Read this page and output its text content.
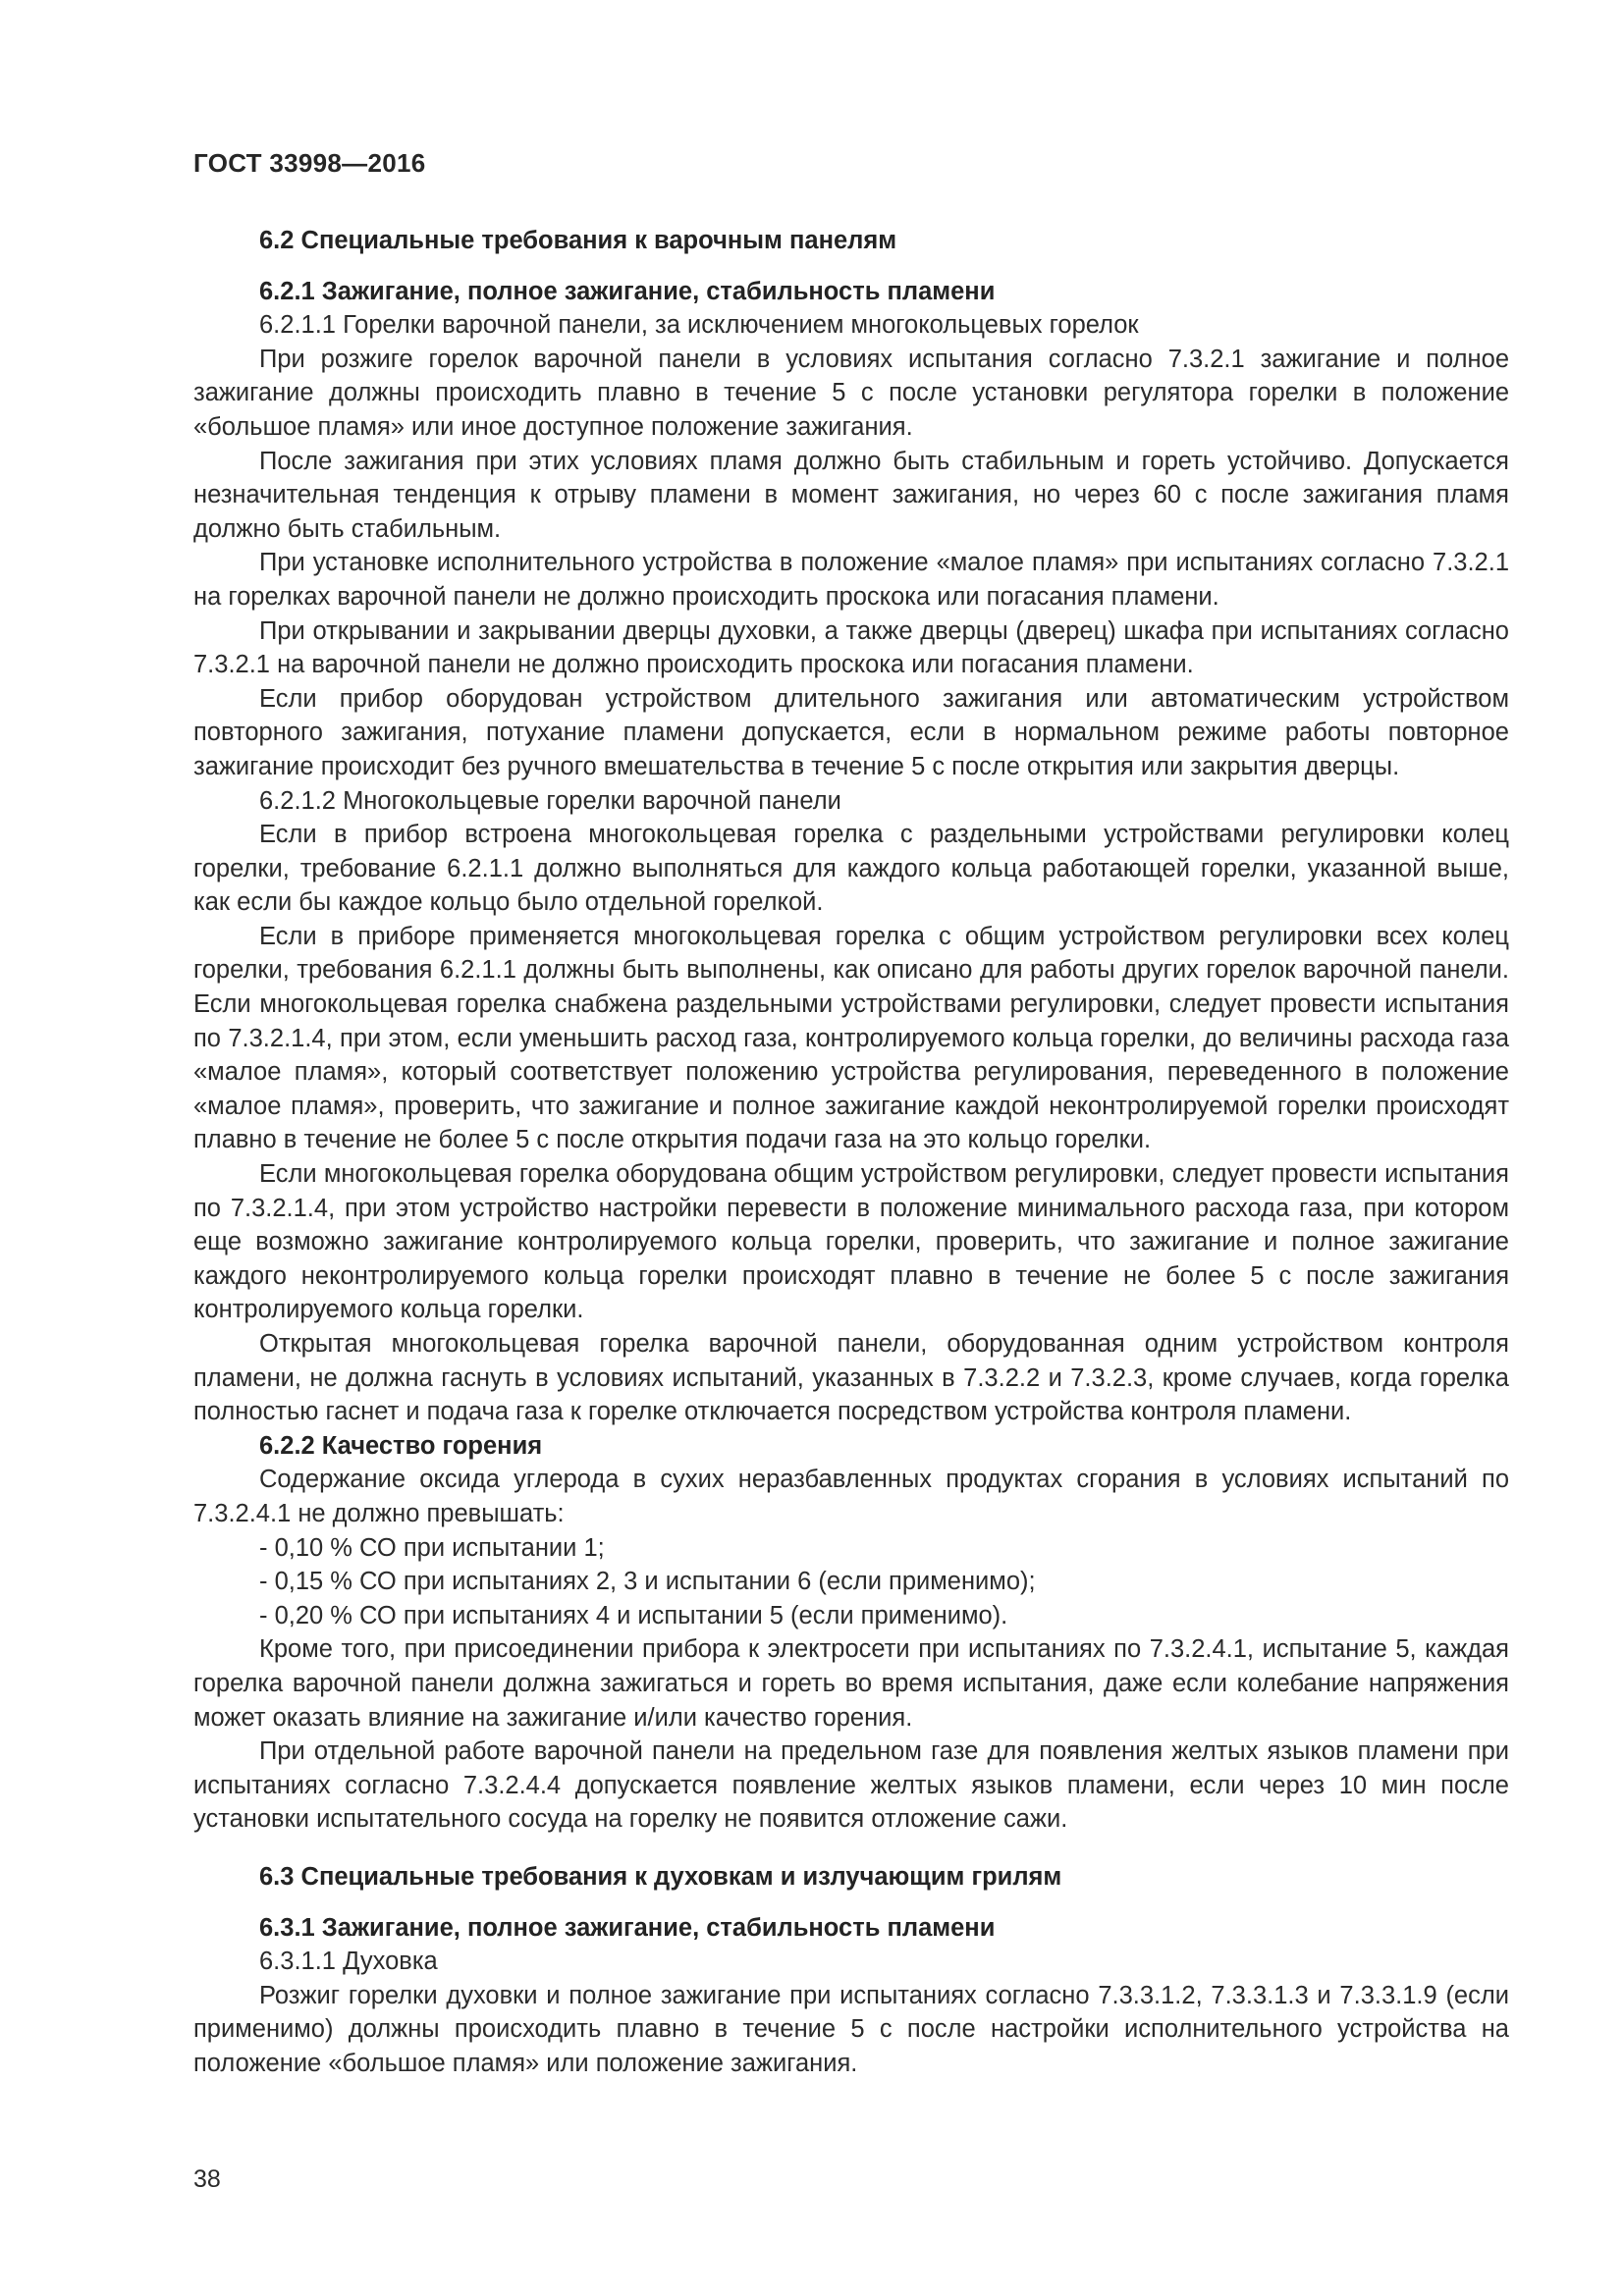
ГОСТ 33998—2016

6.2 Специальные требования к варочным панелям

6.2.1 Зажигание, полное зажигание, стабильность пламени

6.2.1.1 Горелки варочной панели, за исключением многокольцевых горелок

При розжиге горелок варочной панели в условиях испытания согласно 7.3.2.1 зажигание и полное зажигание должны происходить плавно в течение 5 с после установки регулятора горелки в положение «большое пламя» или иное доступное положение зажигания.

После зажигания при этих условиях пламя должно быть стабильным и гореть устойчиво. Допускается незначительная тенденция к отрыву пламени в момент зажигания, но через 60 с после зажигания пламя должно быть стабильным.

При установке исполнительного устройства в положение «малое пламя» при испытаниях согласно 7.3.2.1 на горелках варочной панели не должно происходить проскока или погасания пламени.

При открывании и закрывании дверцы духовки, а также дверцы (дверец) шкафа при испытаниях согласно 7.3.2.1 на варочной панели не должно происходить проскока или погасания пламени.

Если прибор оборудован устройством длительного зажигания или автоматическим устройством повторного зажигания, потухание пламени допускается, если в нормальном режиме работы повторное зажигание происходит без ручного вмешательства в течение 5 с после открытия или закрытия дверцы.

6.2.1.2 Многокольцевые горелки варочной панели

Если в прибор встроена многокольцевая горелка с раздельными устройствами регулировки колец горелки, требование 6.2.1.1 должно выполняться для каждого кольца работающей горелки, указанной выше, как если бы каждое кольцо было отдельной горелкой.

Если в приборе применяется многокольцевая горелка с общим устройством регулировки всех колец горелки, требования 6.2.1.1 должны быть выполнены, как описано для работы других горелок варочной панели. Если многокольцевая горелка снабжена раздельными устройствами регулировки, следует провести испытания по 7.3.2.1.4, при этом, если уменьшить расход газа, контролируемого кольца горелки, до величины расхода газа «малое пламя», который соответствует положению устройства регулирования, переведенного в положение «малое пламя», проверить, что зажигание и полное зажигание каждой неконтролируемой горелки происходят плавно в течение не более 5 с после открытия подачи газа на это кольцо горелки.

Если многокольцевая горелка оборудована общим устройством регулировки, следует провести испытания по 7.3.2.1.4, при этом устройство настройки перевести в положение минимального расхода газа, при котором еще возможно зажигание контролируемого кольца горелки, проверить, что зажигание и полное зажигание каждого неконтролируемого кольца горелки происходят плавно в течение не более 5 с после зажигания контролируемого кольца горелки.

Открытая многокольцевая горелка варочной панели, оборудованная одним устройством контроля пламени, не должна гаснуть в условиях испытаний, указанных в 7.3.2.2 и 7.3.2.3, кроме случаев, когда горелка полностью гаснет и подача газа к горелке отключается посредством устройства контроля пламени.

6.2.2 Качество горения

Содержание оксида углерода в сухих неразбавленных продуктах сгорания в условиях испытаний по 7.3.2.4.1 не должно превышать:

- 0,10 % СО при испытании 1;

- 0,15 % СО при испытаниях 2, 3 и испытании 6 (если применимо);

- 0,20 % СО при испытаниях 4 и испытании 5 (если применимо).

Кроме того, при присоединении прибора к электросети при испытаниях по 7.3.2.4.1, испытание 5, каждая горелка варочной панели должна зажигаться и гореть во время испытания, даже если колебание напряжения может оказать влияние на зажигание и/или качество горения.

При отдельной работе варочной панели на предельном газе для появления желтых языков пламени при испытаниях согласно 7.3.2.4.4 допускается появление желтых языков пламени, если через 10 мин после установки испытательного сосуда на горелку не появится отложение сажи.

6.3 Специальные требования к духовкам и излучающим грилям

6.3.1 Зажигание, полное зажигание, стабильность пламени

6.3.1.1 Духовка

Розжиг горелки духовки и полное зажигание при испытаниях согласно 7.3.3.1.2, 7.3.3.1.3 и 7.3.3.1.9 (если применимо) должны происходить плавно в течение 5 с после настройки исполнительного устройства на положение «большое пламя» или положение зажигания.

38
